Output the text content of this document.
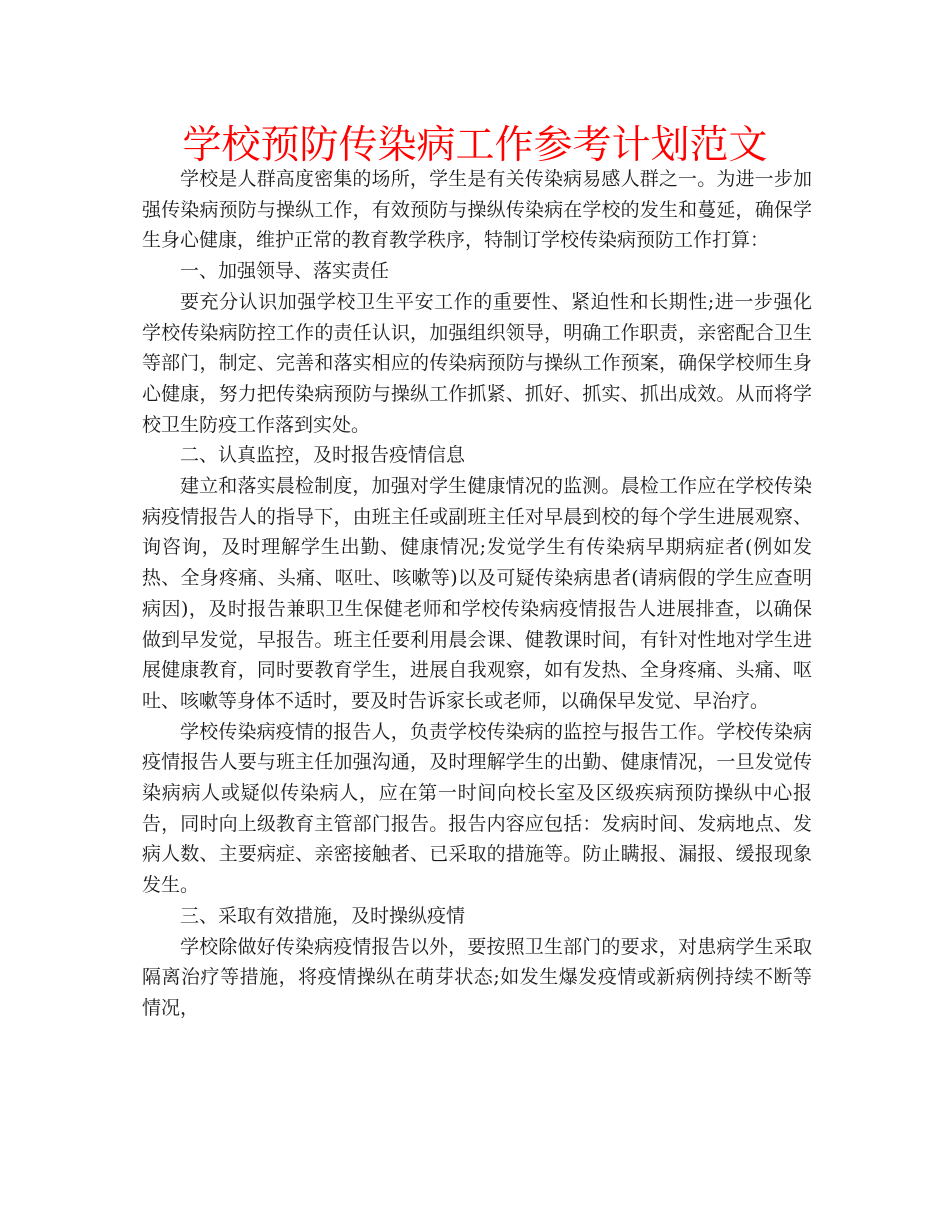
学校预防传染病工作参考计划范文

学校是人群高度密集的场所，学生是有关传染病易感人群之一。为进一步加强传染病预防与操纵工作，有效预防与操纵传染病在学校的发生和蔓延，确保学生身心健康，维护正常的教育教学秩序，特制订学校传染病预防工作打算：

一、加强领导、落实责任

要充分认识加强学校卫生平安工作的重要性、紧迫性和长期性;进一步强化学校传染病防控工作的责任认识，加强组织领导，明确工作职责，亲密配合卫生等部门，制定、完善和落实相应的传染病预防与操纵工作预案，确保学校师生身心健康，努力把传染病预防与操纵工作抓紧、抓好、抓实、抓出成效。从而将学校卫生防疫工作落到实处。

二、认真监控，及时报告疫情信息

建立和落实晨检制度，加强对学生健康情况的监测。晨检工作应在学校传染病疫情报告人的指导下，由班主任或副班主任对早晨到校的每个学生进展观察、询咨询，及时理解学生出勤、健康情况;发觉学生有传染病早期病症者(例如发热、全身疼痛、头痛、呕吐、咳嗽等)以及可疑传染病患者(请病假的学生应查明病因)，及时报告兼职卫生保健老师和学校传染病疫情报告人进展排查，以确保做到早发觉，早报告。班主任要利用晨会课、健教课时间，有针对性地对学生进展健康教育，同时要教育学生，进展自我观察，如有发热、全身疼痛、头痛、呕吐、咳嗽等身体不适时，要及时告诉家长或老师，以确保早发觉、早治疗。

学校传染病疫情的报告人，负责学校传染病的监控与报告工作。学校传染病疫情报告人要与班主任加强沟通，及时理解学生的出勤、健康情况，一旦发觉传染病病人或疑似传染病人，应在第一时间向校长室及区级疾病预防操纵中心报告，同时向上级教育主管部门报告。报告内容应包括：发病时间、发病地点、发病人数、主要病症、亲密接触者、已采取的措施等。防止瞒报、漏报、缓报现象发生。

三、采取有效措施，及时操纵疫情

学校除做好传染病疫情报告以外，要按照卫生部门的要求，对患病学生采取隔离治疗等措施，将疫情操纵在萌芽状态;如发生爆发疫情或新病例持续不断等情况，
